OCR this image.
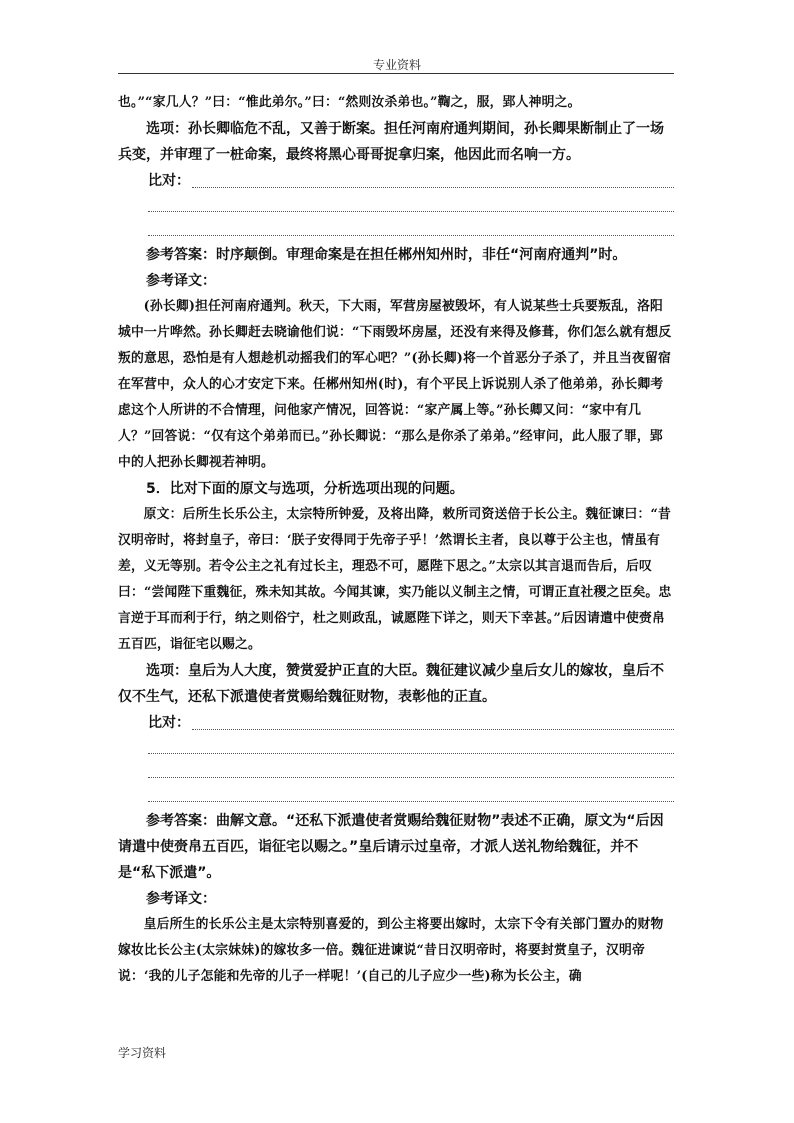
专业资料

也。”“家几人？”曰：“惟此弟尔。”曰：“然则汝杀弟也。”鞫之，服，郢人神明之。

选项：孙长卿临危不乱，又善于断案。担任河南府通判期间，孙长卿果断制止了一场兵变，并审理了一桩命案，最终将黑心哥哥捉拿归案，他因此而名响一方。

比对：

参考答案：时序颠倒。审理命案是在担任郴州知州时，非任“河南府通判”时。

参考译文：

(孙长卿)担任河南府通判。秋天，下大雨，军营房屋被毁坏，有人说某些士兵要叛乱，洛阳城中一片哗然。孙长卿赶去晓谕他们说：“下雨毁坏房屋，还没有来得及修葺，你们怎么就有想反叛的意思，恐怕是有人想趁机动摇我们的军心吧？”(孙长卿)将一个首恶分子杀了，并且当夜留宿在军营中，众人的心才安定下来。任郴州知州(时)，有个平民上诉说别人杀了他弟弟，孙长卿考虑这个人所讲的不合情理，问他家产情况，回答说：“家产属上等。”孙长卿又问：“家中有几人？”回答说：“仅有这个弟弟而已。”孙长卿说：“那么是你杀了弟弟。”经审问，此人服了罪，郢中的人把孙长卿视若神明。

5．比对下面的原文与选项，分析选项出现的问题。

原文：后所生长乐公主，太宗特所钟爱，及将出降，敕所司资送倍于长公主。魏征谏曰：“昔汉明帝时，将封皇子，帝曰：‘朕子安得同于先帝子乎！’然谓长主者，良以尊于公主也，情虽有差，义无等别。若令公主之礼有过长主，理恐不可，愿陛下思之。”太宗以其言退而告后，后叹曰：“尝闻陛下重魏征，殊未知其故。今闻其谏，实乃能以义制主之情，可谓正直社稷之臣矣。忠言逆于耳而利于行，纳之则俗宁，杜之则政乱，诚愿陛下详之，则天下幸甚。”后因请遣中使赍帛五百匹，诣征宅以赐之。

选项：皇后为人大度，赞赏爱护正直的大臣。魏征建议减少皇后女儿的嫁妆，皇后不仅不生气，还私下派遣使者赏赐给魏征财物，表彰他的正直。

比对：

参考答案：曲解文意。“还私下派遣使者赏赐给魏征财物”表述不正确，原文为“后因请遣中使赍帛五百匹，诣征宅以赐之。”皇后请示过皇帝，才派人送礼物给魏征，并不是“私下派遣”。

参考译文：

皇后所生的长乐公主是太宗特别喜爱的，到公主将要出嫁时，太宗下令有关部门置办的财物嫁妆比长公主(太宗妹妹)的嫁妆多一倍。魏征进谏说“昔日汉明帝时，将要封赏皇子，汉明帝说：‘我的儿子怎能和先帝的儿子一样呢！’(自己的儿子应少一些)称为长公主，确

学习资料
